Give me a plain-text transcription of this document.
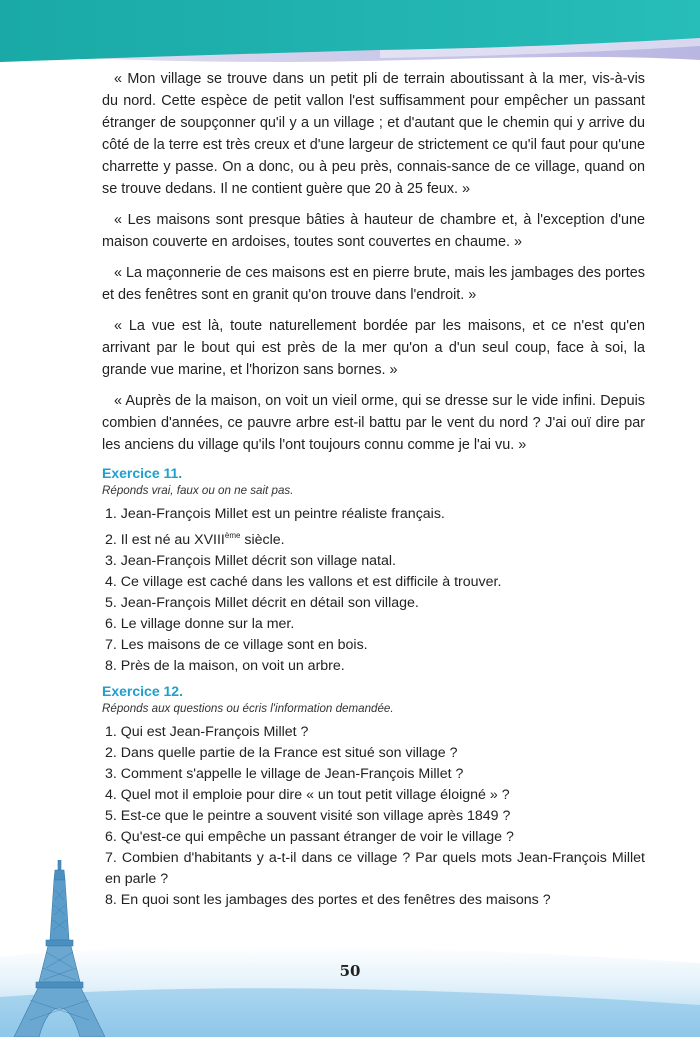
« Mon village se trouve dans un petit pli de terrain aboutissant à la mer, vis-à-vis du nord. Cette espèce de petit vallon l'est suffisamment pour empêcher un passant étranger de soupçonner qu'il y a un village ; et d'autant que le chemin qui y arrive du côté de la terre est très creux et d'une largeur de strictement ce qu'il faut pour qu'une charrette y passe. On a donc, ou à peu près, connais-sance de ce village, quand on se trouve dedans. Il ne contient guère que 20 à 25 feux. »

« Les maisons sont presque bâties à hauteur de chambre et, à l'exception d'une maison couverte en ardoises, toutes sont couvertes en chaume. »

« La maçonnerie de ces maisons est en pierre brute, mais les jambages des portes et des fenêtres sont en granit qu'on trouve dans l'endroit. »

« La vue est là, toute naturellement bordée par les maisons, et ce n'est qu'en arrivant par le bout qui est près de la mer qu'on a d'un seul coup, face à soi, la grande vue marine, et l'horizon sans bornes. »

« Auprès de la maison, on voit un vieil orme, qui se dresse sur le vide infini. Depuis combien d'années, ce pauvre arbre est-il battu par le vent du nord ? J'ai ouï dire par les anciens du village qu'ils l'ont toujours connu comme je l'ai vu. »

Exercice 11.
Réponds vrai, faux ou on ne sait pas.
1. Jean-François Millet est un peintre réaliste français.
2. Il est né au XVIIIème siècle.
3. Jean-François Millet décrit son village natal.
4. Ce village est caché dans les vallons et est difficile à trouver.
5. Jean-François Millet décrit en détail son village.
6. Le village donne sur la mer.
7. Les maisons de ce village sont en bois.
8. Près de la maison, on voit un arbre.
Exercice 12.
Réponds aux questions ou écris l'information demandée.
1. Qui est Jean-François Millet ?
2. Dans quelle partie de la France est situé son village ?
3. Comment s'appelle le village de Jean-François Millet ?
4. Quel mot il emploie pour dire « un tout petit village éloigné » ?
5. Est-ce que le peintre a souvent visité son village après 1849 ?
6. Qu'est-ce qui empêche un passant étranger de voir le village ?
7. Combien d'habitants y a-t-il dans ce village ? Par quels mots Jean-François Millet en parle ?
8. En quoi sont les jambages des portes et des fenêtres des maisons ?
50
